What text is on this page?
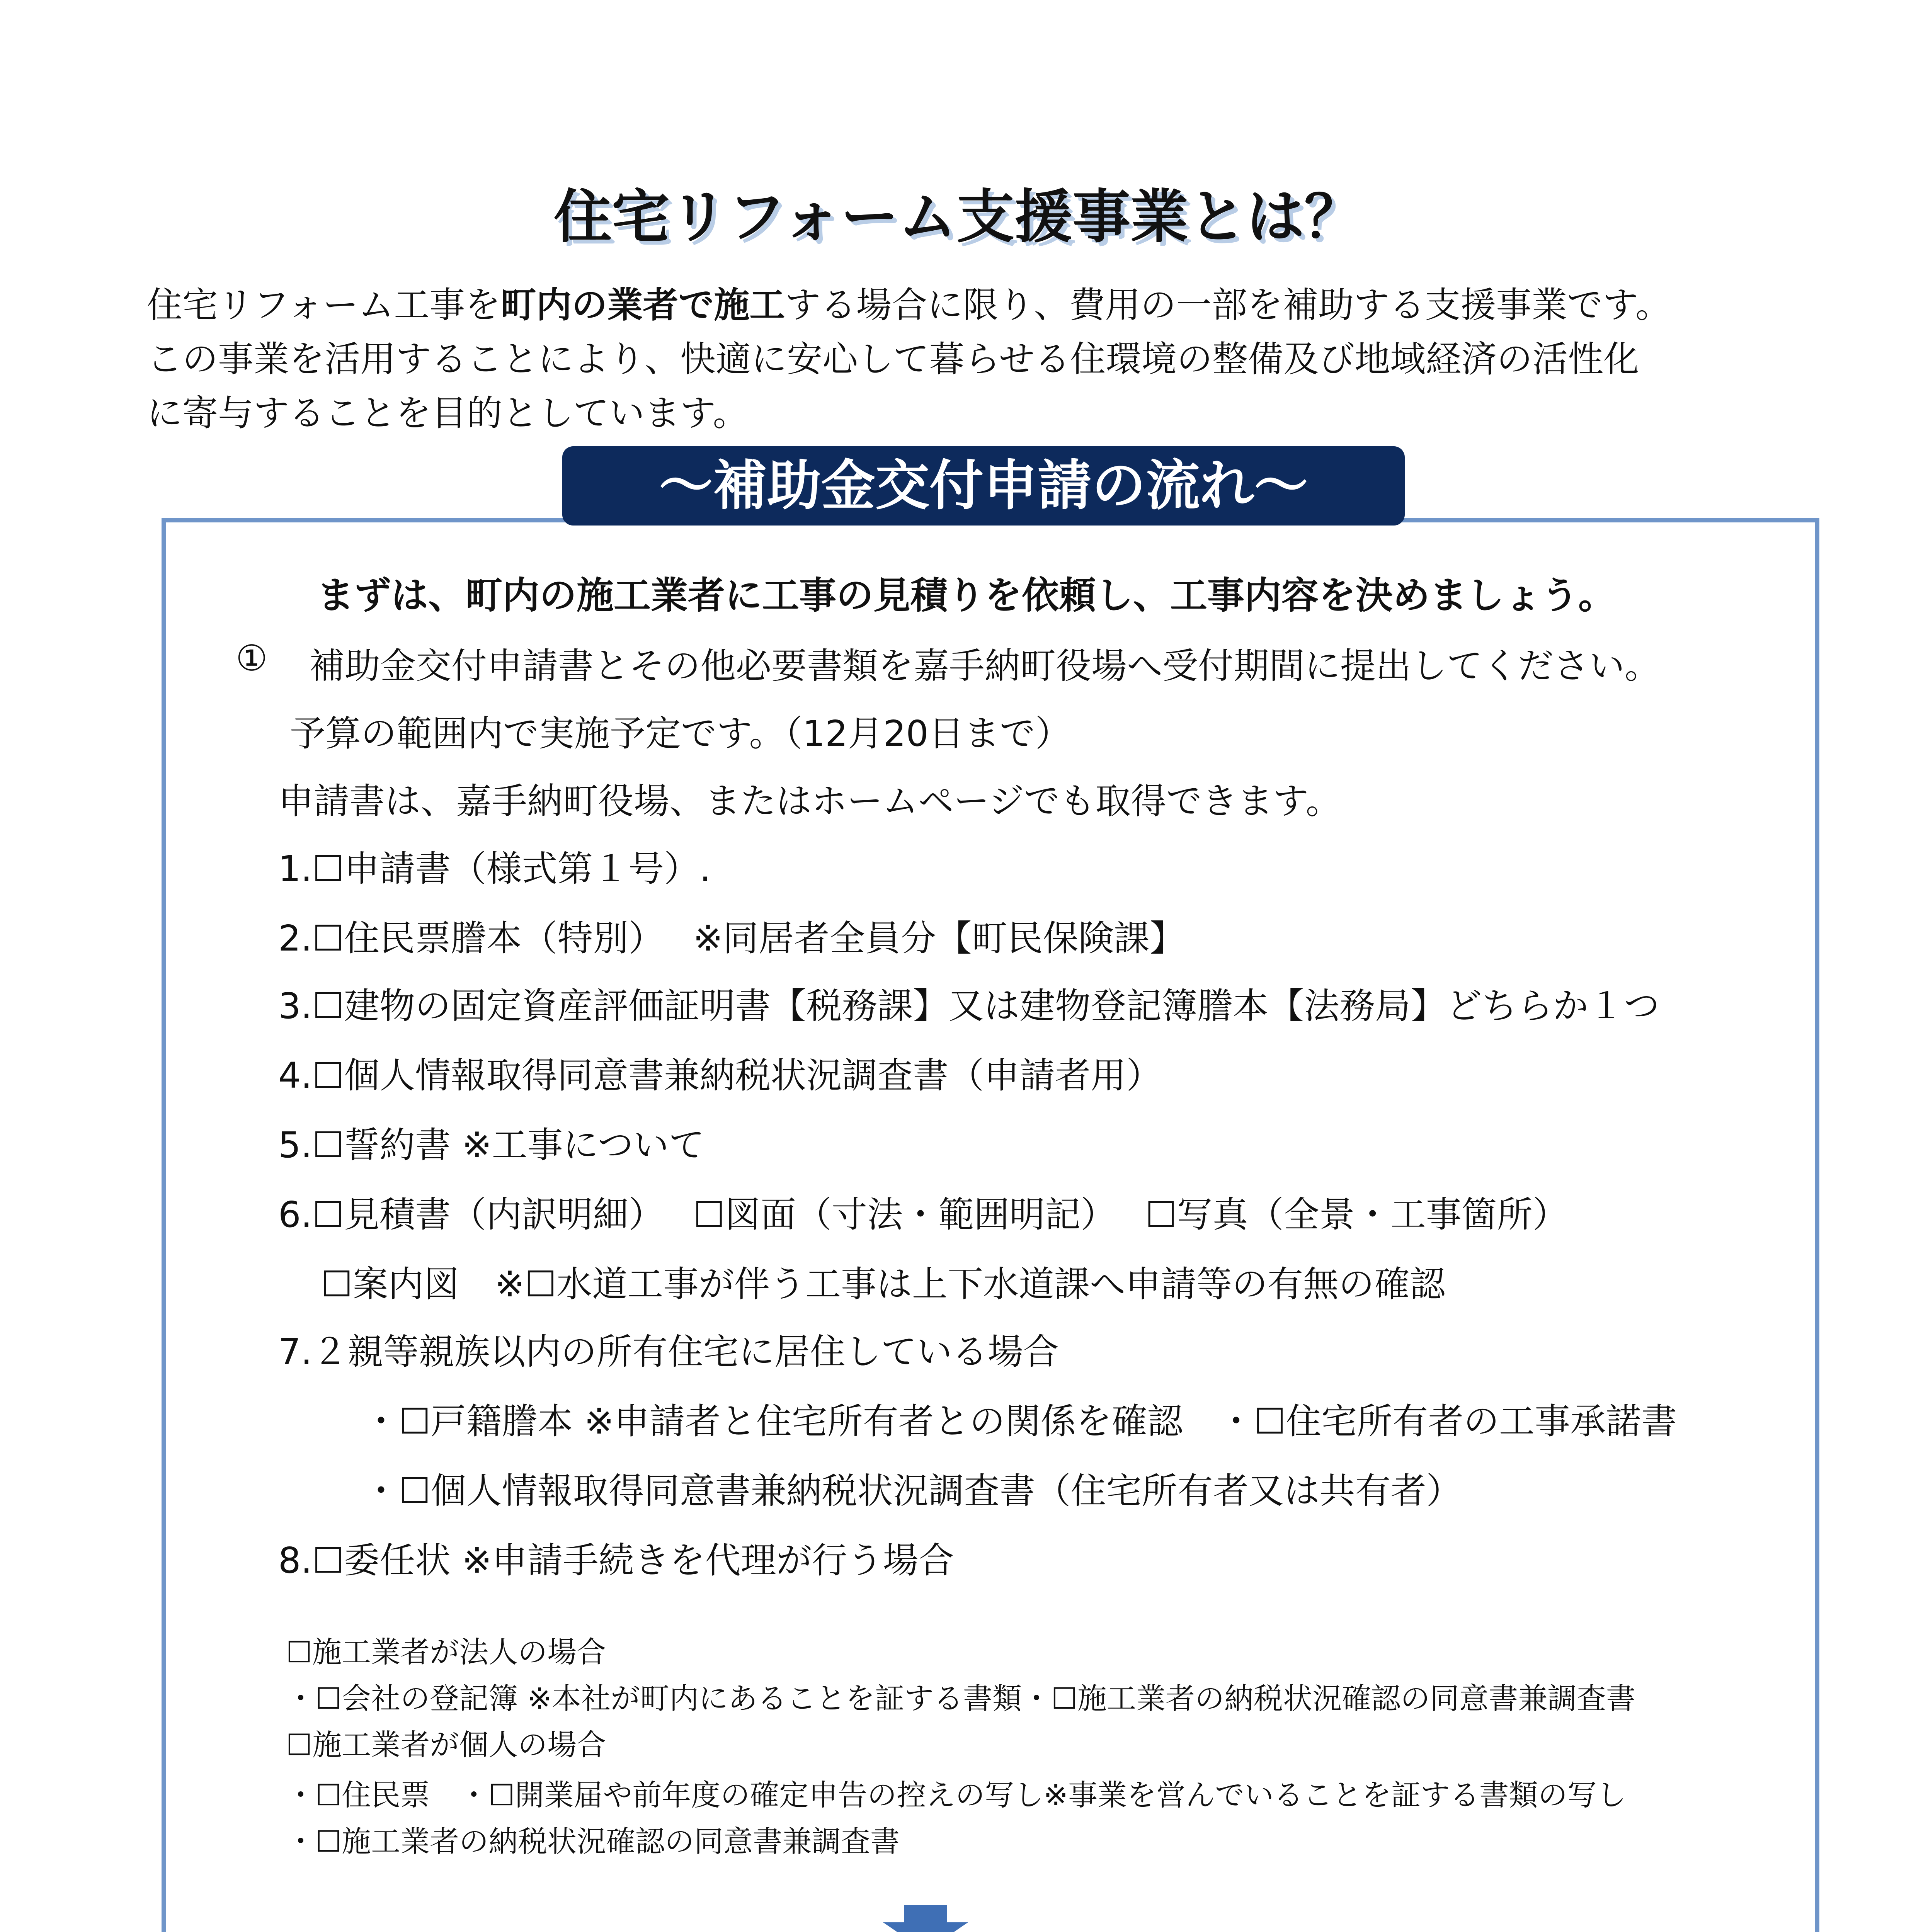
住宅リフォーム支援事業とは？
住宅リフォーム工事を町内の業者で施工する場合に限り、費用の一部を補助する支援事業です。
この事業を活用することにより、快適に安心して暮らせる住環境の整備及び地域経済の活性化
に寄与することを目的としています。
～補助金交付申請の流れ～
まずは、町内の施工業者に工事の見積りを依頼し、工事内容を決めましょう。
① 補助金交付申請書とその他必要書類を嘉手納町役場へ受付期間に提出してください。
予算の範囲内で実施予定です。（12月20日まで）
申請書は、嘉手納町役場、またはホームページでも取得できます。
1.☐申請書（様式第１号）.
2.☐住民票謄本（特別）　 ※同居者全員分【町民保険課】
3.☐建物の固定資産評価証明書【税務課】又は建物登記簿謄本【法務局】どちらか１つ
4.☐個人情報取得同意書兼納税状況調査書（申請者用）
5.☐誓約書 ※工事について
6.☐見積書（内訳明細）　 ☐図面（寸法・範囲明記）　 ☐写真（全景・工事箇所）
☐案内図　※☐水道工事が伴う工事は上下水道課へ申請等の有無の確認
7.２親等親族以内の所有住宅に居住している場合
・☐戸籍謄本 ※申請者と住宅所有者との関係を確認　・☐住宅所有者の工事承諾書
・☐個人情報取得同意書兼納税状況調査書（住宅所有者又は共有者）
8.☐委任状 ※申請手続きを代理が行う場合
☐施工業者が法人の場合
・☐会社の登記簿 ※本社が町内にあることを証する書類・☐施工業者の納税状況確認の同意書兼調査書
☐施工業者が個人の場合
・☐住民票　・☐開業届や前年度の確定申告の控えの写し※事業を営んでいることを証する書類の写し
・☐施工業者の納税状況確認の同意書兼調査書
